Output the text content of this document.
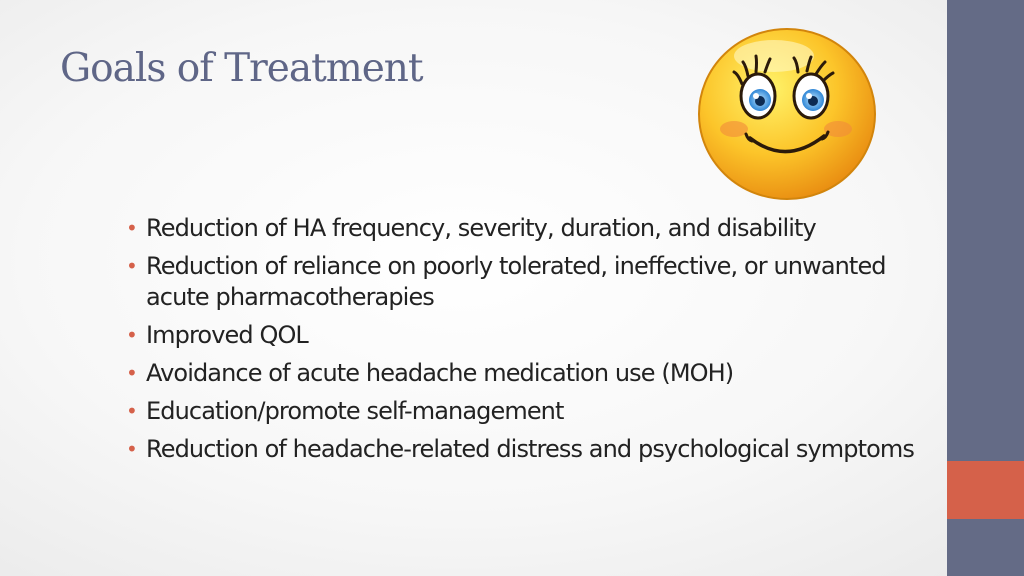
Goals of Treatment
• Reduction of HA frequency, severity, duration, and disability
• Reduction of reliance on poorly tolerated, ineffective, or unwanted acute pharmacotherapies
• Improved QOL
• Avoidance of acute headache medication use (MOH)
• Education/promote self-management
• Reduction of headache-related distress and psychological symptoms
